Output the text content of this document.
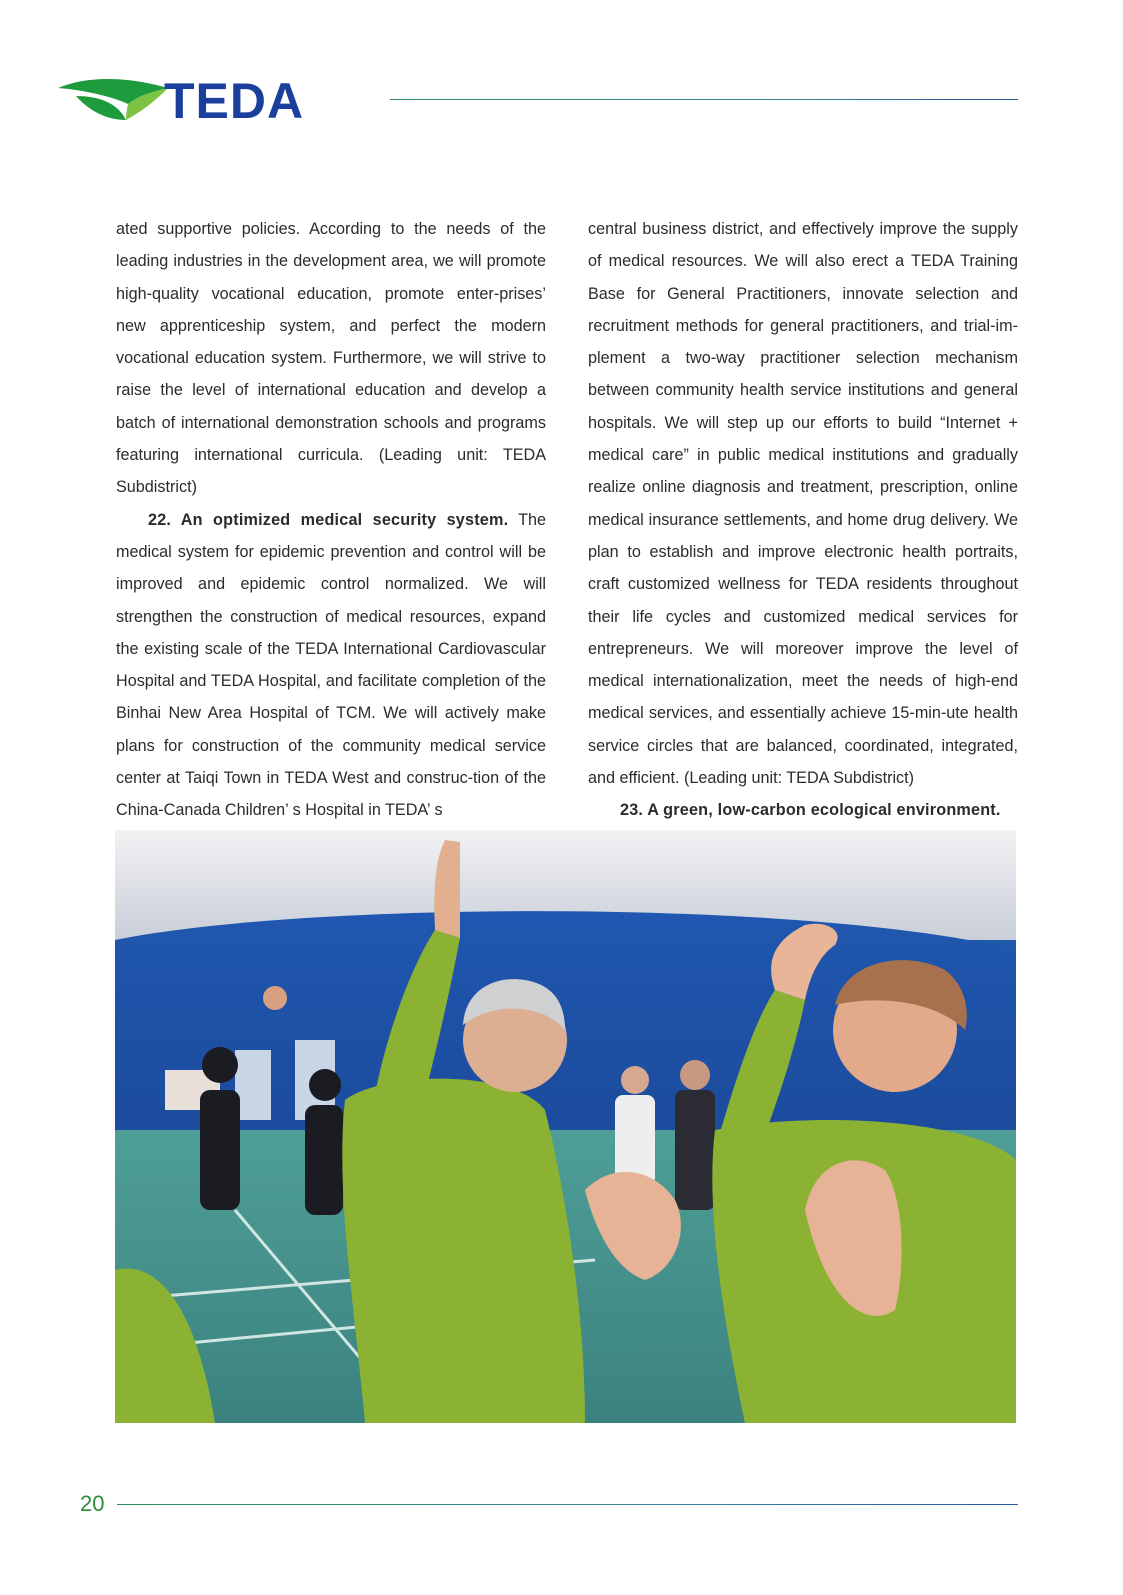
TEDA

ated supportive policies. According to the needs of the leading industries in the development area, we will promote high-quality vocational education, promote enter-prises’ new apprenticeship system, and perfect the modern vocational education system. Furthermore, we will strive to raise the level of international education and develop a batch of international demonstration schools and programs featuring international curricula. (Leading unit: TEDA Subdistrict)

22. An optimized medical security system. The medical system for epidemic prevention and control will be improved and epidemic control normalized. We will strengthen the construction of medical resources, expand the existing scale of the TEDA International Cardiovascular Hospital and TEDA Hospital, and facilitate completion of the Binhai New Area Hospital of TCM. We will actively make plans for construction of the community medical service center at Taiqi Town in TEDA West and construc-tion of the China-Canada Children’ s Hospital in TEDA’ s

central business district, and effectively improve the supply of medical resources. We will also erect a TEDA Training Base for General Practitioners, innovate selection and recruitment methods for general practitioners, and trial-im-plement a two-way practitioner selection mechanism between community health service institutions and general hospitals. We will step up our efforts to build “Internet + medical care” in public medical institutions and gradually realize online diagnosis and treatment, prescription, online medical insurance settlements, and home drug delivery. We plan to establish and improve electronic health portraits, craft customized wellness for TEDA residents throughout their life cycles and customized medical services for entrepreneurs. We will moreover improve the level of medical internationalization, meet the needs of high-end medical services, and essentially achieve 15-min-ute health service circles that are balanced, coordinated, integrated, and efficient. (Leading unit: TEDA Subdistrict)

23. A green, low-carbon ecological environment.

20
